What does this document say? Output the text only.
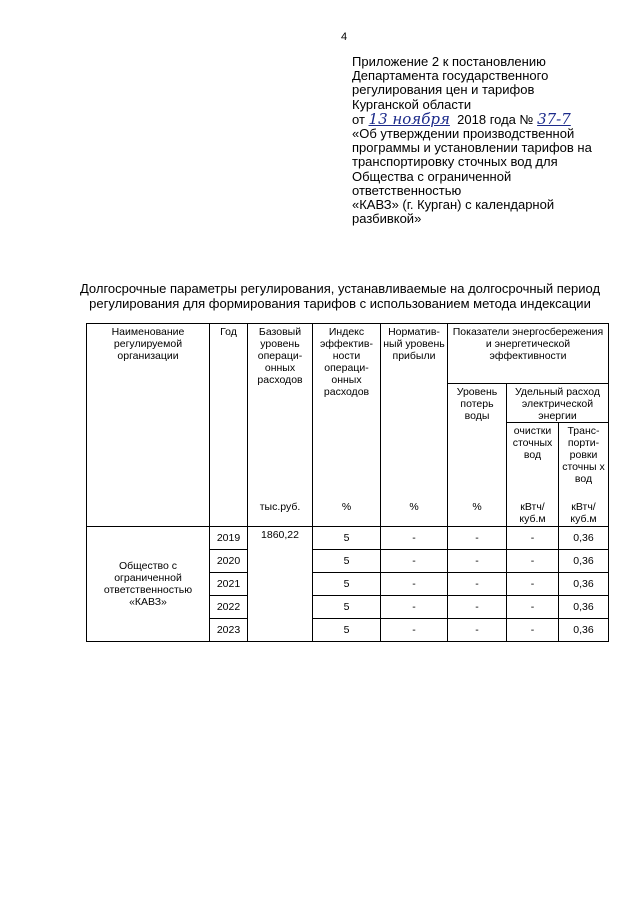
4
Приложение 2 к постановлению
Департамента государственного
регулирования цен и тарифов
Курганской области
от 13 ноября 2018 года № 37-7
«Об утверждении производственной
программы и установлении тарифов на
транспортировку сточных вод для
Общества с ограниченной
ответственностью
«КАВЗ» (г. Курган) с календарной
разбивкой»
Долгосрочные параметры регулирования, устанавливаемые на долгосрочный период
регулирования для формирования тарифов с использованием метода индексации
Наименование регулируемой организации	Год	Базовый уровень операци-онных расходов	Индекс эффектив-ности операци-онных расходов	Норматив-ный уровень прибыли	Показатели энергосбережения и энергетической эффективности		
					Уровень потерь воды	Удельный расход электрической энергии	
						очистки сточных вод	Транс-порти-ровки сточны х вод
		тыс.руб.	%	%	%	кВтч/ куб.м	кВтч/ куб.м
Общество с ограниченной ответственностью «КАВЗ»	2019	1860,22	5	-	-	-	0,36
	2020		5	-	-	-	0,36
	2021		5	-	-	-	0,36
	2022		5	-	-	-	0,36
	2023		5	-	-	-	0,36
